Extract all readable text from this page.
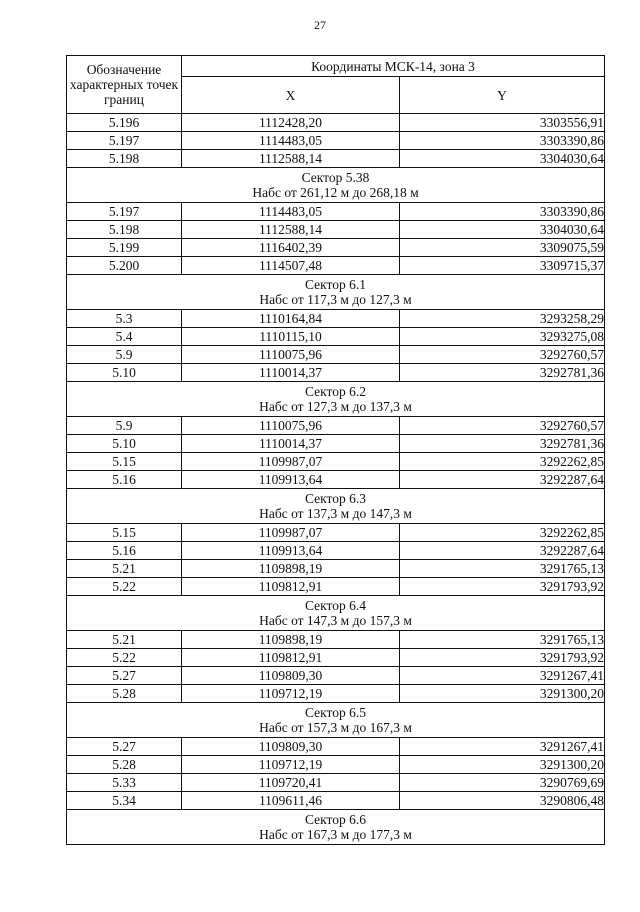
27
Обозначение характерных точек границ	Координаты МСК-14, зона 3	
	X	Y
5.196	1112428,20	3303556,91
5.197	1114483,05	3303390,86
5.198	1112588,14	3304030,64

Сектор 5.38
Набс от 261,12 м до 268,18 м		

5.197	1114483,05	3303390,86
5.198	1112588,14	3304030,64
5.199	1116402,39	3309075,59
5.200	1114507,48	3309715,37

Сектор 6.1
Набс от 117,3 м до 127,3 м		

5.3	1110164,84	3293258,29
5.4	1110115,10	3293275,08
5.9	1110075,96	3292760,57
5.10	1110014,37	3292781,36

Сектор 6.2
Набс от 127,3 м до 137,3 м		

5.9	1110075,96	3292760,57
5.10	1110014,37	3292781,36
5.15	1109987,07	3292262,85
5.16	1109913,64	3292287,64

Сектор 6.3
Набс от 137,3 м до 147,3 м		

5.15	1109987,07	3292262,85
5.16	1109913,64	3292287,64
5.21	1109898,19	3291765,13
5.22	1109812,91	3291793,92

Сектор 6.4
Набс от 147,3 м до 157,3 м		

5.21	1109898,19	3291765,13
5.22	1109812,91	3291793,92
5.27	1109809,30	3291267,41
5.28	1109712,19	3291300,20

Сектор 6.5
Набс от 157,3 м до 167,3 м		

5.27	1109809,30	3291267,41
5.28	1109712,19	3291300,20
5.33	1109720,41	3290769,69
5.34	1109611,46	3290806,48

Сектор 6.6
Набс от 167,3 м до 177,3 м		
